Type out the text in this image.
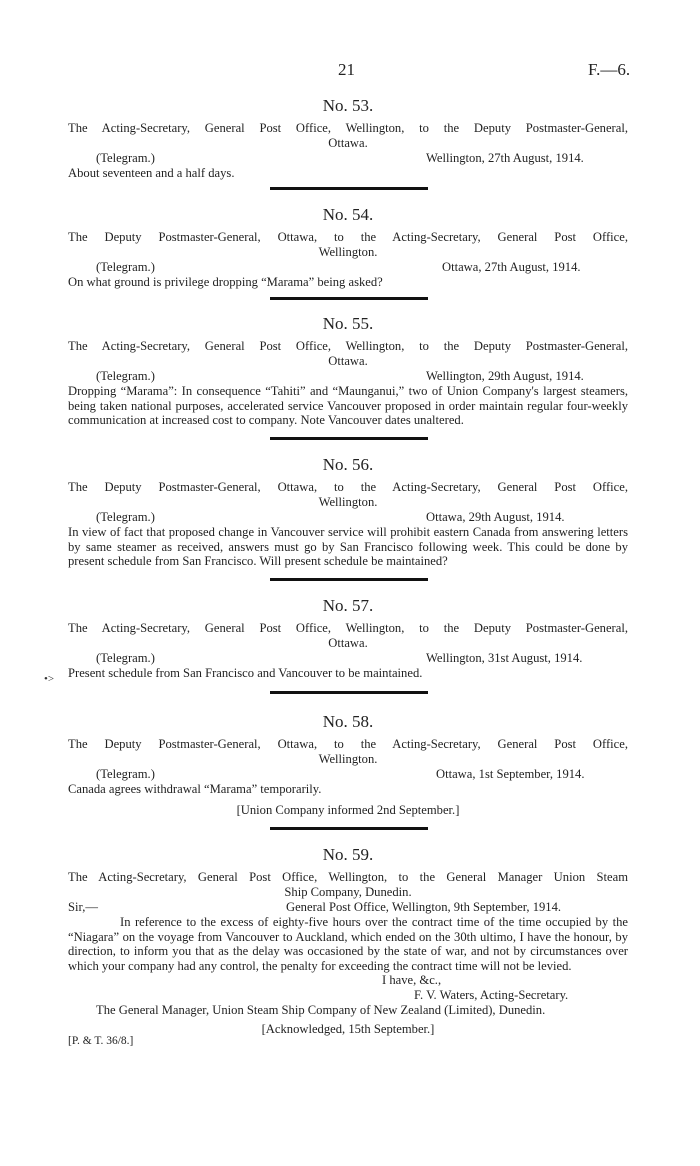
21	F.—6.
No. 53.
The Acting-Secretary, General Post Office, Wellington, to the Deputy Postmaster-General,
Ottawa.
(Telegram.)	Wellington, 27th August, 1914.
About seventeen and a half days.
No. 54.
The Deputy Postmaster-General, Ottawa, to the Acting-Secretary, General Post Office,
Wellington.
(Telegram.)	Ottawa, 27th August, 1914.
On what ground is privilege dropping “Marama” being asked?
No. 55.
The Acting-Secretary, General Post Office, Wellington, to the Deputy Postmaster-General,
Ottawa.
(Telegram.)	Wellington, 29th August, 1914.
Dropping “Marama”: In consequence “Tahiti” and “Maunganui,” two of Union Company's largest steamers, being taken national purposes, accelerated service Vancouver proposed in order maintain regular four-weekly communication at increased cost to company. Note Vancouver dates unaltered.
No. 56.
The Deputy Postmaster-General, Ottawa, to the Acting-Secretary, General Post Office,
Wellington.
(Telegram.)	Ottawa, 29th August, 1914.
In view of fact that proposed change in Vancouver service will prohibit eastern Canada from answering letters by same steamer as received, answers must go by San Francisco following week. This could be done by present schedule from San Francisco. Will present schedule be maintained?
No. 57.
The Acting-Secretary, General Post Office, Wellington, to the Deputy Postmaster-General,
Ottawa.
(Telegram.)	Wellington, 31st August, 1914.
Present schedule from San Francisco and Vancouver to be maintained.
•>
No. 58.
The Deputy Postmaster-General, Ottawa, to the Acting-Secretary, General Post Office,
Wellington.
(Telegram.)	Ottawa, 1st September, 1914.
Canada agrees withdrawal “Marama” temporarily.
[Union Company informed 2nd September.]
No. 59.
The Acting-Secretary, General Post Office, Wellington, to the General Manager Union Steam
Ship Company, Dunedin.
Sir,—	General Post Office, Wellington, 9th September, 1914.
In reference to the excess of eighty-five hours over the contract time of the time occupied by the “Niagara” on the voyage from Vancouver to Auckland, which ended on the 30th ultimo, I have the honour, by direction, to inform you that as the delay was occasioned by the state of war, and not by circumstances over which your company had any control, the penalty for exceeding the contract time will not be levied.
I have, &c.,
F. V. Waters, Acting-Secretary.
The General Manager, Union Steam Ship Company of New Zealand (Limited), Dunedin.
[Acknowledged, 15th September.]
[P. & T. 36/8.]
